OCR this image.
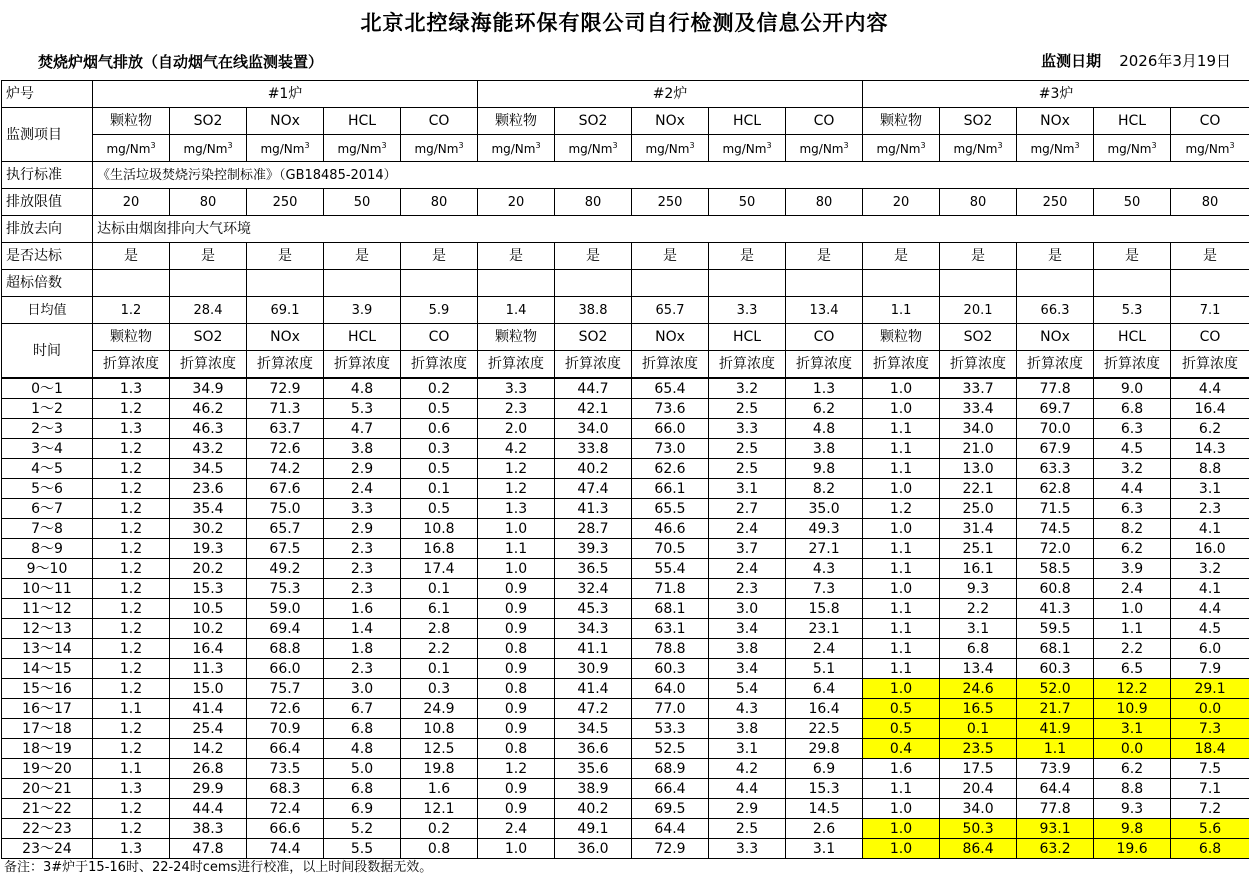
北京北控绿海能环保有限公司自行检测及信息公开内容
焚烧炉烟气排放（自动烟气在线监测装置）	监测日期 2026年3月19日
炉号	#1炉					#2炉					#3炉				
监测项目	颗粒物	SO2	NOx	HCL	CO	颗粒物	SO2	NOx	HCL	CO	颗粒物	SO2	NOx	HCL	CO
	mg/Nm$^3$	mg/Nm$^3$	mg/Nm$^3$	mg/Nm$^3$	mg/Nm$^3$	mg/Nm$^3$	mg/Nm$^3$	mg/Nm$^3$	mg/Nm$^3$	mg/Nm$^3$	mg/Nm$^3$	mg/Nm$^3$	mg/Nm$^3$	mg/Nm$^3$	mg/Nm$^3$
执行标准	《生活垃圾焚烧污染控制标准》（GB18485-2014）														
排放限值	20	80	250	50	80	20	80	250	50	80	20	80	250	50	80
排放去向	达标由烟囱排向大气环境														
是否达标	是	是	是	是	是	是	是	是	是	是	是	是	是	是	是
超标倍数															
日均值	1.2	28.4	69.1	3.9	5.9	1.4	38.8	65.7	3.3	13.4	1.1	20.1	66.3	5.3	7.1
时间	颗粒物	SO2	NOx	HCL	CO	颗粒物	SO2	NOx	HCL	CO	颗粒物	SO2	NOx	HCL	CO
	折算浓度	折算浓度	折算浓度	折算浓度	折算浓度	折算浓度	折算浓度	折算浓度	折算浓度	折算浓度	折算浓度	折算浓度	折算浓度	折算浓度	折算浓度
0～1	1.3	34.9	72.9	4.8	0.2	3.3	44.7	65.4	3.2	1.3	1.0	33.7	77.8	9.0	4.4
1～2	1.2	46.2	71.3	5.3	0.5	2.3	42.1	73.6	2.5	6.2	1.0	33.4	69.7	6.8	16.4
2～3	1.3	46.3	63.7	4.7	0.6	2.0	34.0	66.0	3.3	4.8	1.1	34.0	70.0	6.3	6.2
3～4	1.2	43.2	72.6	3.8	0.3	4.2	33.8	73.0	2.5	3.8	1.1	21.0	67.9	4.5	14.3
4～5	1.2	34.5	74.2	2.9	0.5	1.2	40.2	62.6	2.5	9.8	1.1	13.0	63.3	3.2	8.8
5～6	1.2	23.6	67.6	2.4	0.1	1.2	47.4	66.1	3.1	8.2	1.0	22.1	62.8	4.4	3.1
6～7	1.2	35.4	75.0	3.3	0.5	1.3	41.3	65.5	2.7	35.0	1.2	25.0	71.5	6.3	2.3
7～8	1.2	30.2	65.7	2.9	10.8	1.0	28.7	46.6	2.4	49.3	1.0	31.4	74.5	8.2	4.1
8～9	1.2	19.3	67.5	2.3	16.8	1.1	39.3	70.5	3.7	27.1	1.1	25.1	72.0	6.2	16.0
9～10	1.2	20.2	49.2	2.3	17.4	1.0	36.5	55.4	2.4	4.3	1.1	16.1	58.5	3.9	3.2
10～11	1.2	15.3	75.3	2.3	0.1	0.9	32.4	71.8	2.3	7.3	1.0	9.3	60.8	2.4	4.1
11～12	1.2	10.5	59.0	1.6	6.1	0.9	45.3	68.1	3.0	15.8	1.1	2.2	41.3	1.0	4.4
12～13	1.2	10.2	69.4	1.4	2.8	0.9	34.3	63.1	3.4	23.1	1.1	3.1	59.5	1.1	4.5
13～14	1.2	16.4	68.8	1.8	2.2	0.8	41.1	78.8	3.8	2.4	1.1	6.8	68.1	2.2	6.0
14～15	1.2	11.3	66.0	2.3	0.1	0.9	30.9	60.3	3.4	5.1	1.1	13.4	60.3	6.5	7.9
15～16	1.2	15.0	75.7	3.0	0.3	0.8	41.4	64.0	5.4	6.4	1.0	24.6	52.0	12.2	29.1
16～17	1.1	41.4	72.6	6.7	24.9	0.9	47.2	77.0	4.3	16.4	0.5	16.5	21.7	10.9	0.0
17～18	1.2	25.4	70.9	6.8	10.8	0.9	34.5	53.3	3.8	22.5	0.5	0.1	41.9	3.1	7.3
18～19	1.2	14.2	66.4	4.8	12.5	0.8	36.6	52.5	3.1	29.8	0.4	23.5	1.1	0.0	18.4
19～20	1.1	26.8	73.5	5.0	19.8	1.2	35.6	68.9	4.2	6.9	1.6	17.5	73.9	6.2	7.5
20～21	1.3	29.9	68.3	6.8	1.6	0.9	38.9	66.4	4.4	15.3	1.1	20.4	64.4	8.8	7.1
21～22	1.2	44.4	72.4	6.9	12.1	0.9	40.2	69.5	2.9	14.5	1.0	34.0	77.8	9.3	7.2
22～23	1.2	38.3	66.6	5.2	0.2	2.4	49.1	64.4	2.5	2.6	1.0	50.3	93.1	9.8	5.6
23～24	1.3	47.8	74.4	5.5	0.8	1.0	36.0	72.9	3.3	3.1	1.0	86.4	63.2	19.6	6.8
备注：3#炉于15-16时、22-24时cems进行校准，以上时间段数据无效。
